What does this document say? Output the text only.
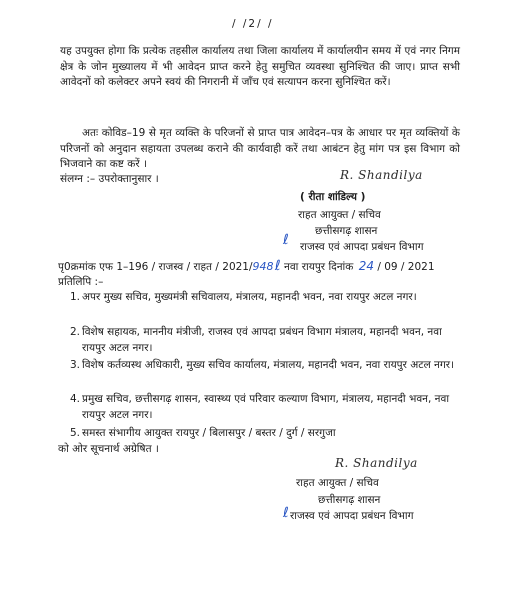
/ /2/ /
यह उपयुक्त होगा कि प्रत्येक तहसील कार्यालय तथा जिला कार्यालय में कार्यालयीन समय में एवं नगर निगम क्षेत्र के जोन मुख्यालय में भी आवेदन प्राप्त करने हेतु समुचित व्यवस्था सुनिश्चित की जाए। प्राप्त सभी आवेदनों को कलेक्टर अपने स्वयं की निगरानी में जाँच एवं सत्यापन करना सुनिश्चित करें।
अतः कोविड–19 से मृत व्यक्ति के परिजनों से प्राप्त पात्र आवेदन–पत्र के आधार पर मृत व्यक्तियों के परिजनों को अनुदान सहायता उपलब्ध कराने की कार्यवाही करें तथा आबंटन हेतु मांग पत्र इस विभाग को भिजवाने का कष्ट करें ।
संलग्न :– उपरोक्तानुसार ।	R. Shandilya
( रीता शांडिल्य )
राहत आयुक्त / सचिव
छत्तीसगढ़ शासन
ℓ राजस्व एवं आपदा प्रबंधन विभाग
पृ0क्रमांक एफ 1–196 / राजस्व / राहत / 2021/948 ℓ नवा रायपुर दिनांक 24 / 09 / 2021
प्रतिलिपि :–
1. अपर मुख्य सचिव, मुख्यमंत्री सचिवालय, मंत्रालय, महानदी भवन, नवा रायपुर अटल नगर।
2. विशेष सहायक, माननीय मंत्रीजी, राजस्व एवं आपदा प्रबंधन विभाग मंत्रालय, महानदी भवन, नवा रायपुर अटल नगर।
3. विशेष कर्तव्यस्थ अधिकारी, मुख्य सचिव कार्यालय, मंत्रालय, महानदी भवन, नवा रायपुर अटल नगर।
4. प्रमुख सचिव, छत्तीसगढ़ शासन, स्वास्थ्य एवं परिवार कल्याण विभाग, मंत्रालय, महानदी भवन, नवा रायपुर अटल नगर।
5. समस्त संभागीय आयुक्त रायपुर / बिलासपुर / बस्तर / दुर्ग / सरगुजा
को ओर सूचनार्थ अग्रेषित ।
R. Shandilya
राहत आयुक्त / सचिव
छत्तीसगढ़ शासन
ℓ राजस्व एवं आपदा प्रबंधन विभाग
